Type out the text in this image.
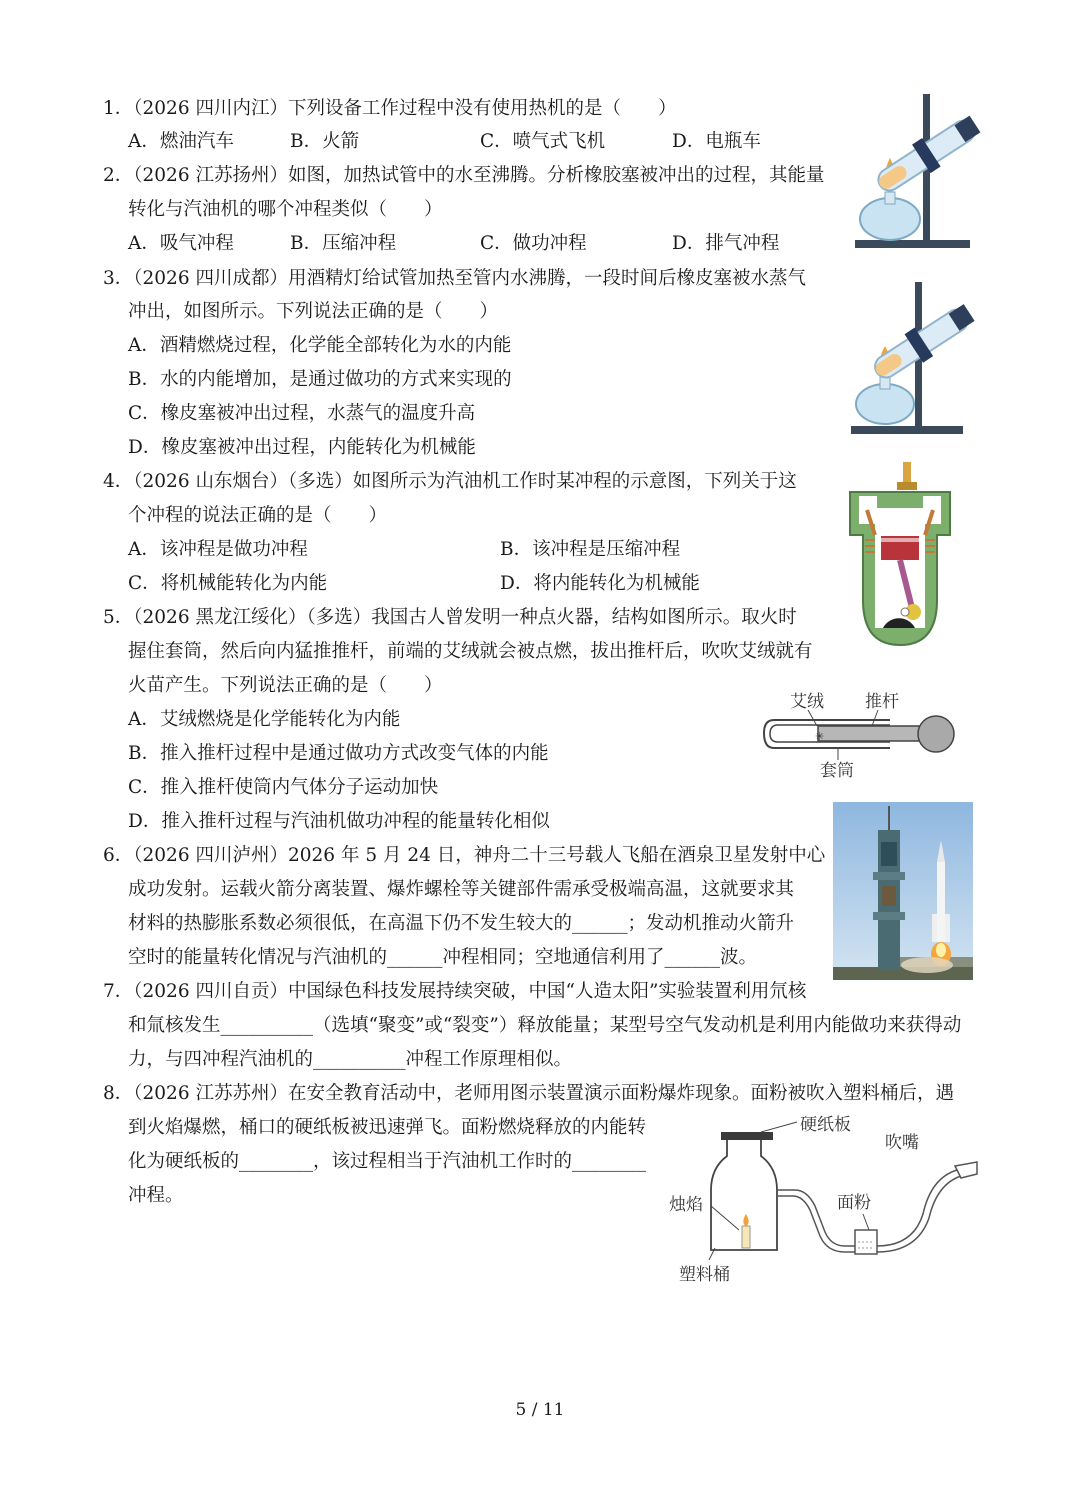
1．（2026 四川内江）下列设备工作过程中没有使用热机的是（　　）
A．燃油汽车	B．火箭	C．喷气式飞机	D．电瓶车
2．（2026 江苏扬州）如图，加热试管中的水至沸腾。分析橡胶塞被冲出的过程，其能量
转化与汽油机的哪个冲程类似（　　）
A．吸气冲程	B．压缩冲程	C．做功冲程	D．排气冲程
3．（2026 四川成都）用酒精灯给试管加热至管内水沸腾，一段时间后橡皮塞被水蒸气
冲出，如图所示。下列说法正确的是（　　）
A．酒精燃烧过程，化学能全部转化为水的内能
B．水的内能增加，是通过做功的方式来实现的
C．橡皮塞被冲出过程，水蒸气的温度升高
D．橡皮塞被冲出过程，内能转化为机械能
4．（2026 山东烟台）（多选）如图所示为汽油机工作时某冲程的示意图，下列关于这
个冲程的说法正确的是（　　）
A．该冲程是做功冲程	B．该冲程是压缩冲程
C．将机械能转化为内能	D．将内能转化为机械能
5．（2026 黑龙江绥化）（多选）我国古人曾发明一种点火器，结构如图所示。取火时
握住套筒，然后向内猛推推杆，前端的艾绒就会被点燃，拔出推杆后，吹吹艾绒就有
火苗产生。下列说法正确的是（　　）
A．艾绒燃烧是化学能转化为内能
B．推入推杆过程中是通过做功方式改变气体的内能
C．推入推杆使筒内气体分子运动加快
D．推入推杆过程与汽油机做功冲程的能量转化相似
6．（2026 四川泸州）2026 年 5 月 24 日，神舟二十三号载人飞船在酒泉卫星发射中心
成功发射。运载火箭分离装置、爆炸螺栓等关键部件需承受极端高温，这就要求其
材料的热膨胀系数必须很低，在高温下仍不发生较大的______；发动机推动火箭升
空时的能量转化情况与汽油机的______冲程相同；空地通信利用了______波。
7．（2026 四川自贡）中国绿色科技发展持续突破，中国“人造太阳”实验装置利用氘核
和氚核发生__________（选填“聚变”或“裂变”）释放能量；某型号空气发动机是利用内能做功来获得动
力，与四冲程汽油机的__________冲程工作原理相似。
8．（2026 江苏苏州）在安全教育活动中，老师用图示装置演示面粉爆炸现象。面粉被吹入塑料桶后，遇
到火焰爆燃，桶口的硬纸板被迅速弹飞。面粉燃烧释放的内能转
化为硬纸板的________，该过程相当于汽油机工作时的________
冲程。
✳
艾绒 推杆
套筒
硬纸板
吹嘴
面粉
烛焰
塑料桶
5 / 11
